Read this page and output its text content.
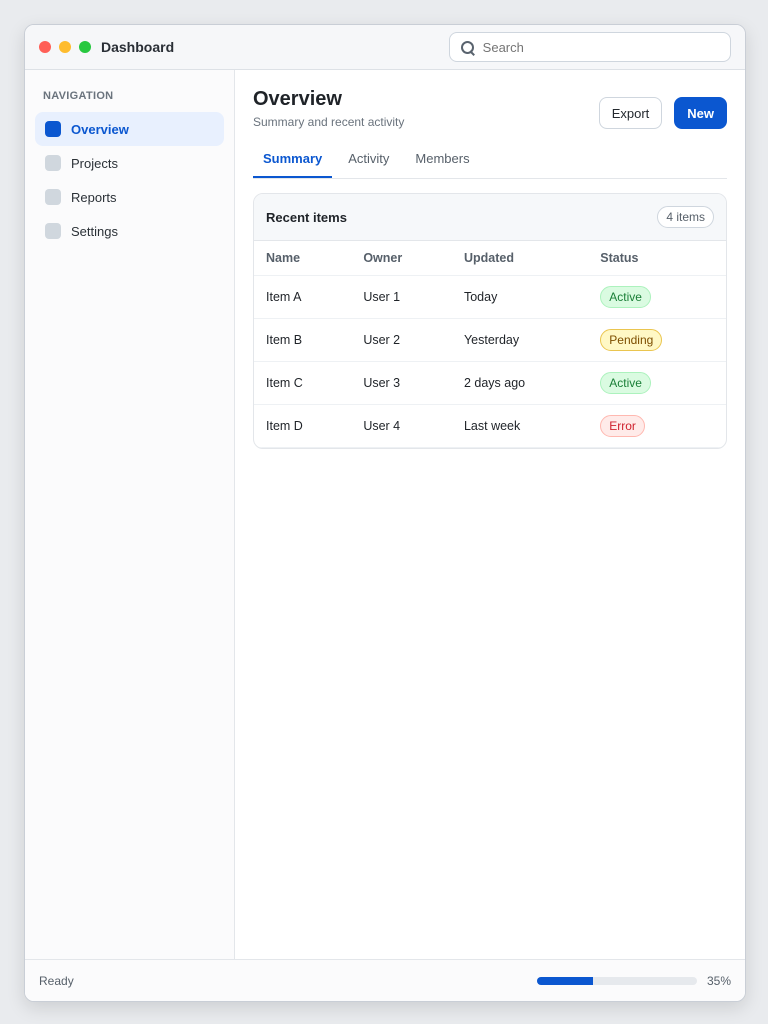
Dashboard
Search
NAVIGATION
Overview
Projects
Reports
Settings
Overview
Summary and recent activity
Export	New
Summary	Activity	Members
Recent items	4 items
Name	Owner	Updated	Status
Item A	User 1	Today	Active
Item B	User 2	Yesterday	Pending
Item C	User 3	2 days ago	Active
Item D	User 4	Last week	Error
Ready	35%
